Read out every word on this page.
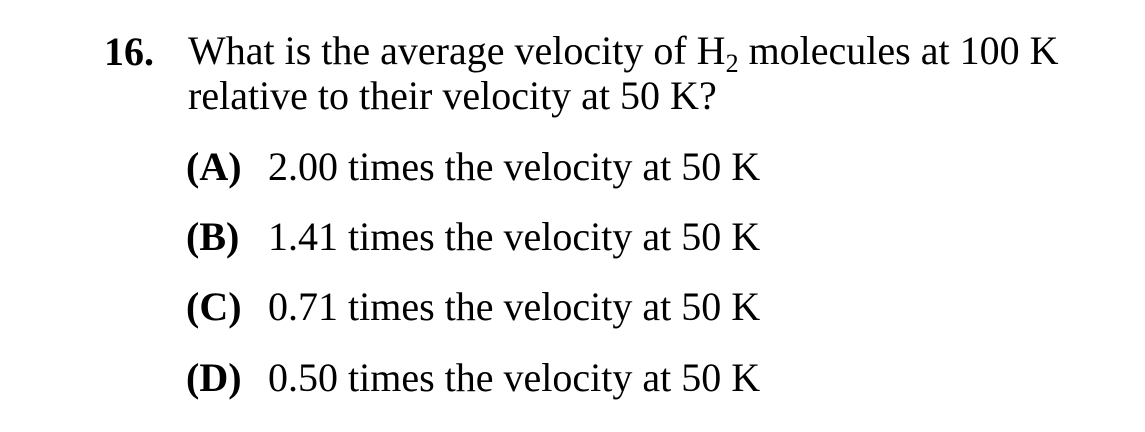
16. What is the average velocity of $H_2$ molecules at 100 K relative to their velocity at 50 K?
(A) 2.00 times the velocity at 50 K
(B) 1.41 times the velocity at 50 K
(C) 0.71 times the velocity at 50 K
(D) 0.50 times the velocity at 50 K
